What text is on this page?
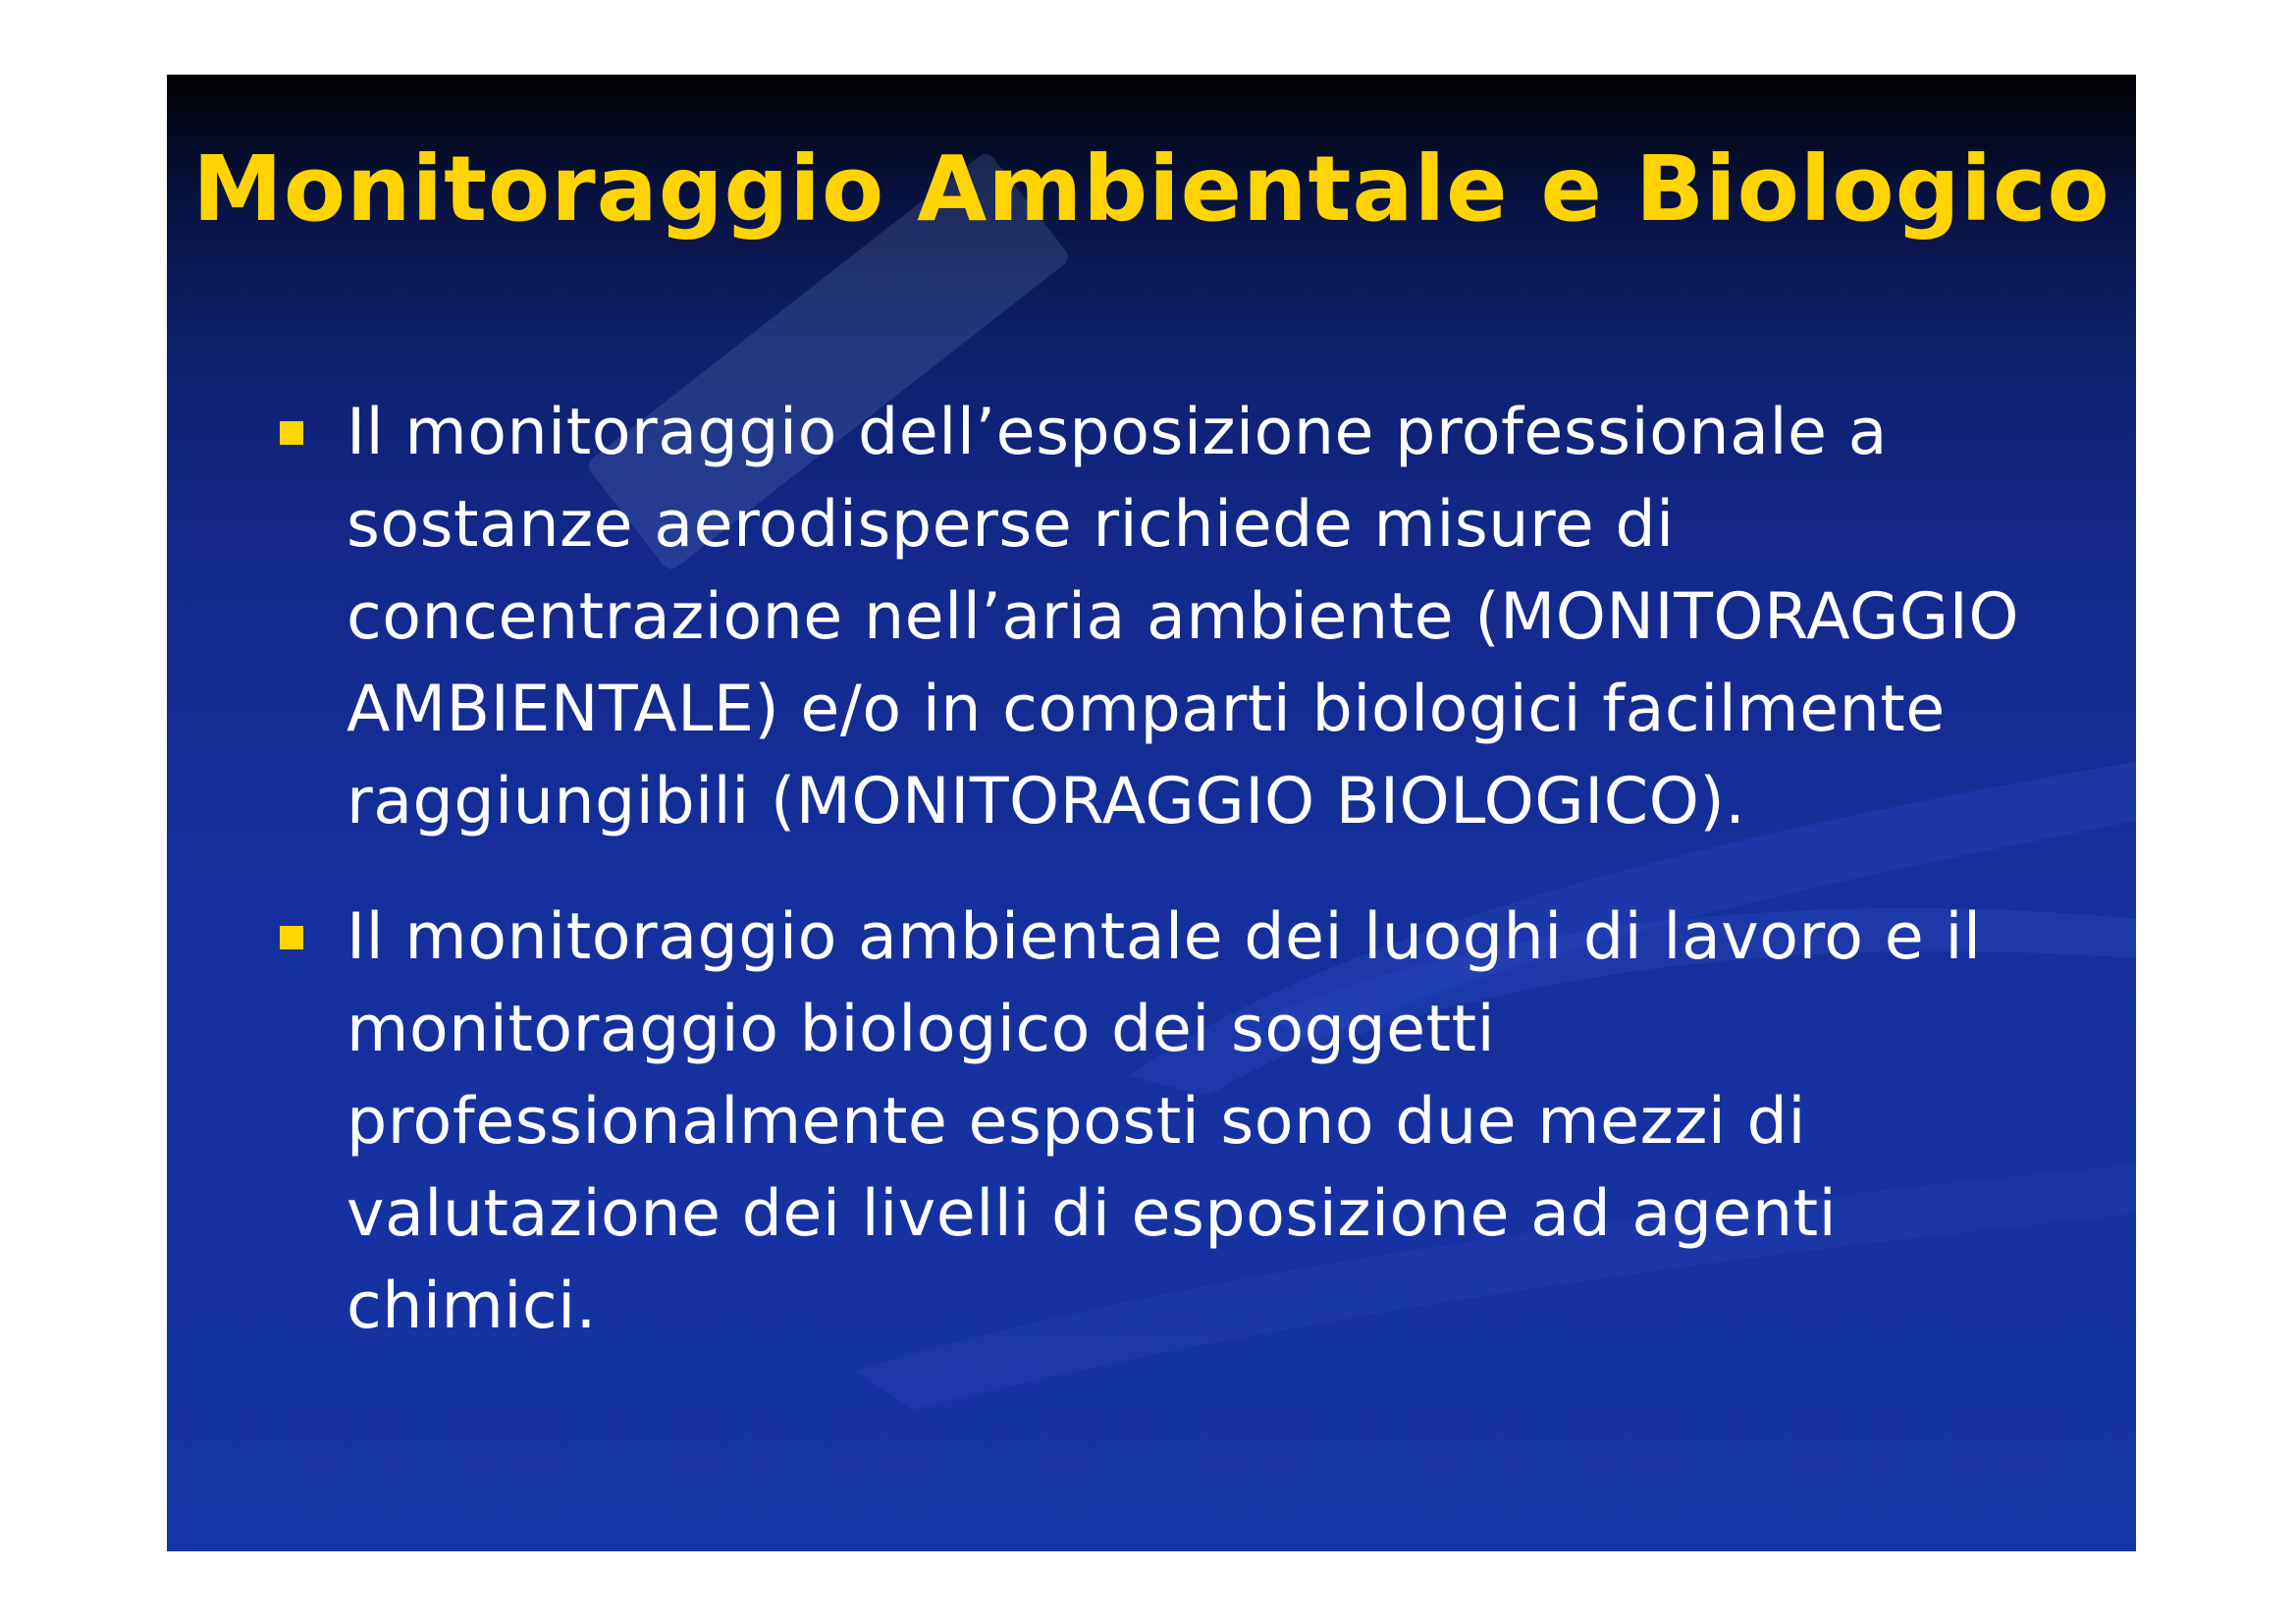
Monitoraggio Ambientale e Biologico
Il monitoraggio dell’esposizione professionale a sostanze aerodisperse richiede misure di concentrazione nell’aria ambiente (MONITORAGGIO AMBIENTALE) e/o in comparti biologici facilmente raggiungibili (MONITORAGGIO BIOLOGICO).
Il monitoraggio ambientale dei luoghi di lavoro e il monitoraggio biologico dei soggetti professionalmente esposti sono due mezzi di valutazione dei livelli di esposizione ad agenti chimici.
